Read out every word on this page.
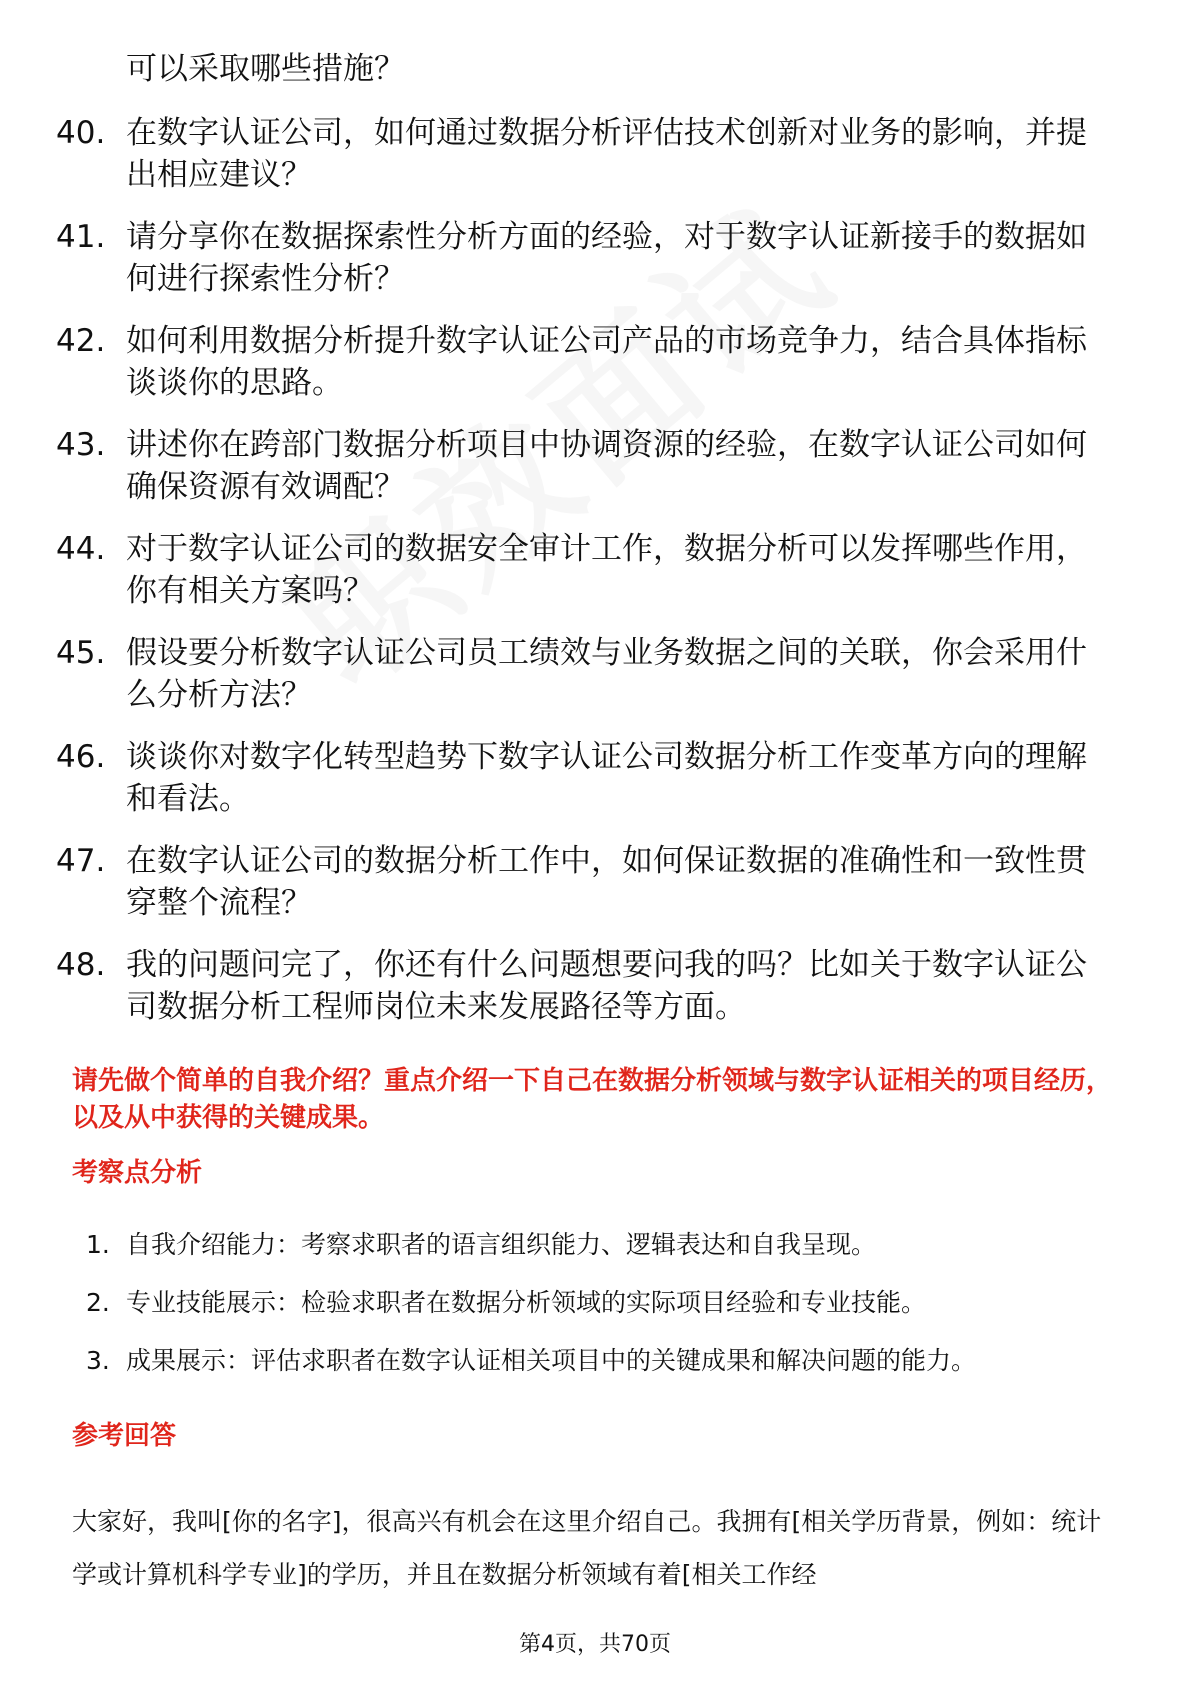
可以采取哪些措施？
40. 在数字认证公司，如何通过数据分析评估技术创新对业务的影响，并提出相应建议？
41. 请分享你在数据探索性分析方面的经验，对于数字认证新接手的数据如何进行探索性分析？
42. 如何利用数据分析提升数字认证公司产品的市场竞争力，结合具体指标谈谈你的思路。
43. 讲述你在跨部门数据分析项目中协调资源的经验，在数字认证公司如何确保资源有效调配？
44. 对于数字认证公司的数据安全审计工作，数据分析可以发挥哪些作用，你有相关方案吗？
45. 假设要分析数字认证公司员工绩效与业务数据之间的关联，你会采用什么分析方法？
46. 谈谈你对数字化转型趋势下数字认证公司数据分析工作变革方向的理解和看法。
47. 在数字认证公司的数据分析工作中，如何保证数据的准确性和一致性贯穿整个流程？
48. 我的问题问完了，你还有什么问题想要问我的吗？比如关于数字认证公司数据分析工程师岗位未来发展路径等方面。
请先做个简单的自我介绍？重点介绍一下自己在数据分析领域与数字认证相关的项目经历，以及从中获得的关键成果。
考察点分析
1. 自我介绍能力：考察求职者的语言组织能力、逻辑表达和自我呈现。
2. 专业技能展示：检验求职者在数据分析领域的实际项目经验和专业技能。
3. 成果展示：评估求职者在数字认证相关项目中的关键成果和解决问题的能力。
参考回答
大家好，我叫[你的名字]，很高兴有机会在这里介绍自己。我拥有[相关学历背景，例如：统计学或计算机科学专业]的学历，并且在数据分析领域有着[相关工作经
第4页，共70页
